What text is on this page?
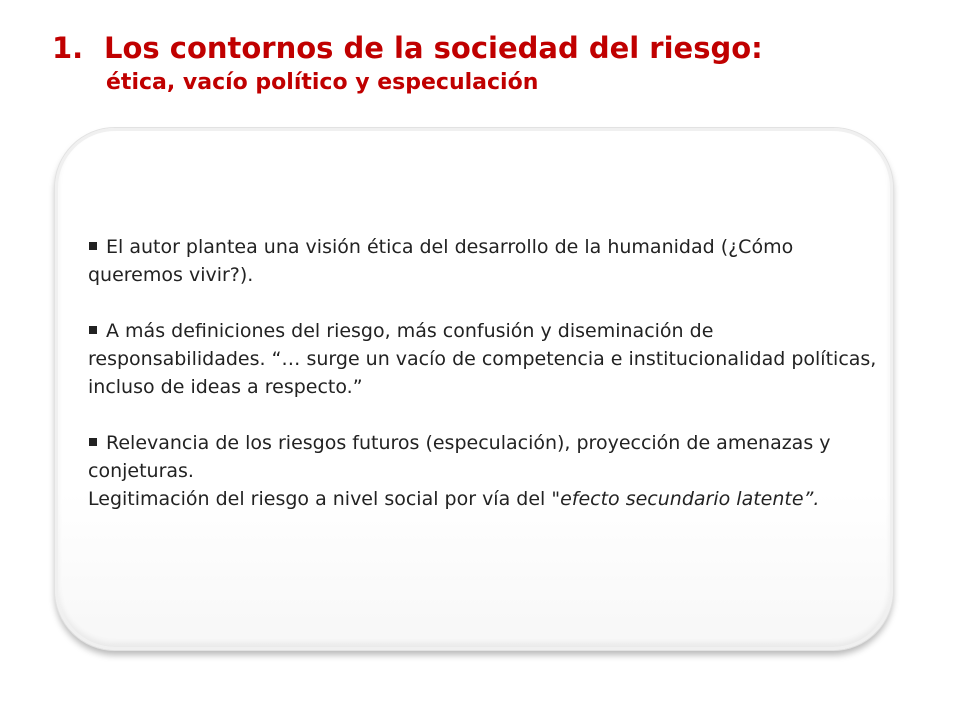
1. Los contornos de la sociedad del riesgo:
ética, vacío político y especulación

El autor plantea una visión ética del desarrollo de la humanidad (¿Cómo queremos vivir?).

A más definiciones del riesgo, más confusión y diseminación de responsabilidades. “… surge un vacío de competencia e institucionalidad políticas, incluso de ideas a respecto.”

Relevancia de los riesgos futuros (especulación), proyección de amenazas y conjeturas.
Legitimación del riesgo a nivel social por vía del "efecto secundario latente”.
